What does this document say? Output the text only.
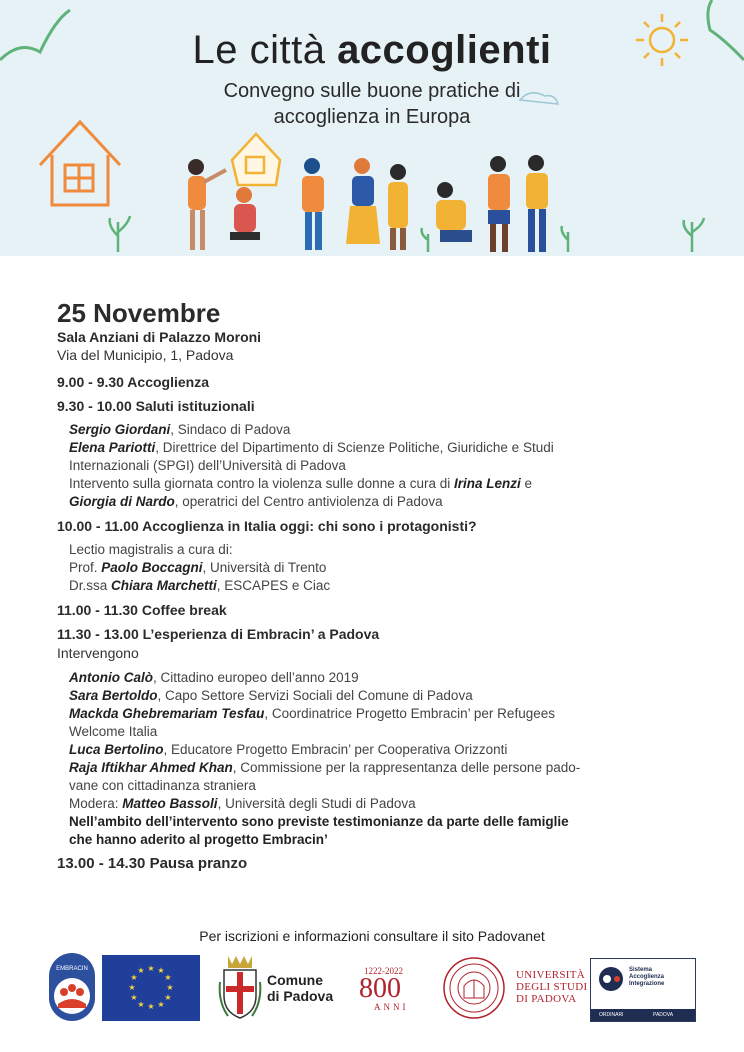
Le città accoglienti
Convegno sulle buone pratiche di
accoglienza in Europa

25 Novembre

Sala Anziani di Palazzo Moroni

Via del Municipio, 1, Padova

9.00 - 9.30 Accoglienza

9.30 - 10.00 Saluti istituzionali

Sergio Giordani, Sindaco di Padova

Elena Pariotti, Direttrice del Dipartimento di Scienze Politiche, Giuridiche e Studi

Internazionali (SPGI) dell’Università di Padova

Intervento sulla giornata contro la violenza sulle donne a cura di Irina Lenzi e

Giorgia di Nardo, operatrici del Centro antiviolenza di Padova

10.00 - 11.00 Accoglienza in Italia oggi: chi sono i protagonisti?

Lectio magistralis a cura di:

Prof. Paolo Boccagni, Università di Trento

Dr.ssa Chiara Marchetti, ESCAPES e Ciac

11.00 - 11.30 Coffee break

11.30 - 13.00 L’esperienza di Embracin’ a Padova

Intervengono

Antonio Calò, Cittadino europeo dell’anno 2019

Sara Bertoldo, Capo Settore Servizi Sociali del Comune di Padova

Mackda Ghebremariam Tesfau, Coordinatrice Progetto Embracin’ per Refugees

Welcome Italia

Luca Bertolino, Educatore Progetto Embracin’ per Cooperativa Orizzonti

Raja Iftikhar Ahmed Khan, Commissione per la rappresentanza delle persone pado-

vane con cittadinanza straniera

Modera: Matteo Bassoli, Università degli Studi di Padova

Nell’ambito dell’intervento sono previste testimonianze da parte delle famiglie

che hanno aderito al progetto Embracin’

13.00 - 14.30 Pausa pranzo

Per iscrizioni e informazioni consultare il sito Padovanet
EMBRACIN	★ ★
★
★
★
★
★
★
★
★
★
★
Comune
di Padova
1222-2022
800
ANNI
UNIVERSITÀ
DEGLI STUDI
DI PADOVA
Sistema
Accoglienza
Integrazione
ORDINARI	PADOVA
